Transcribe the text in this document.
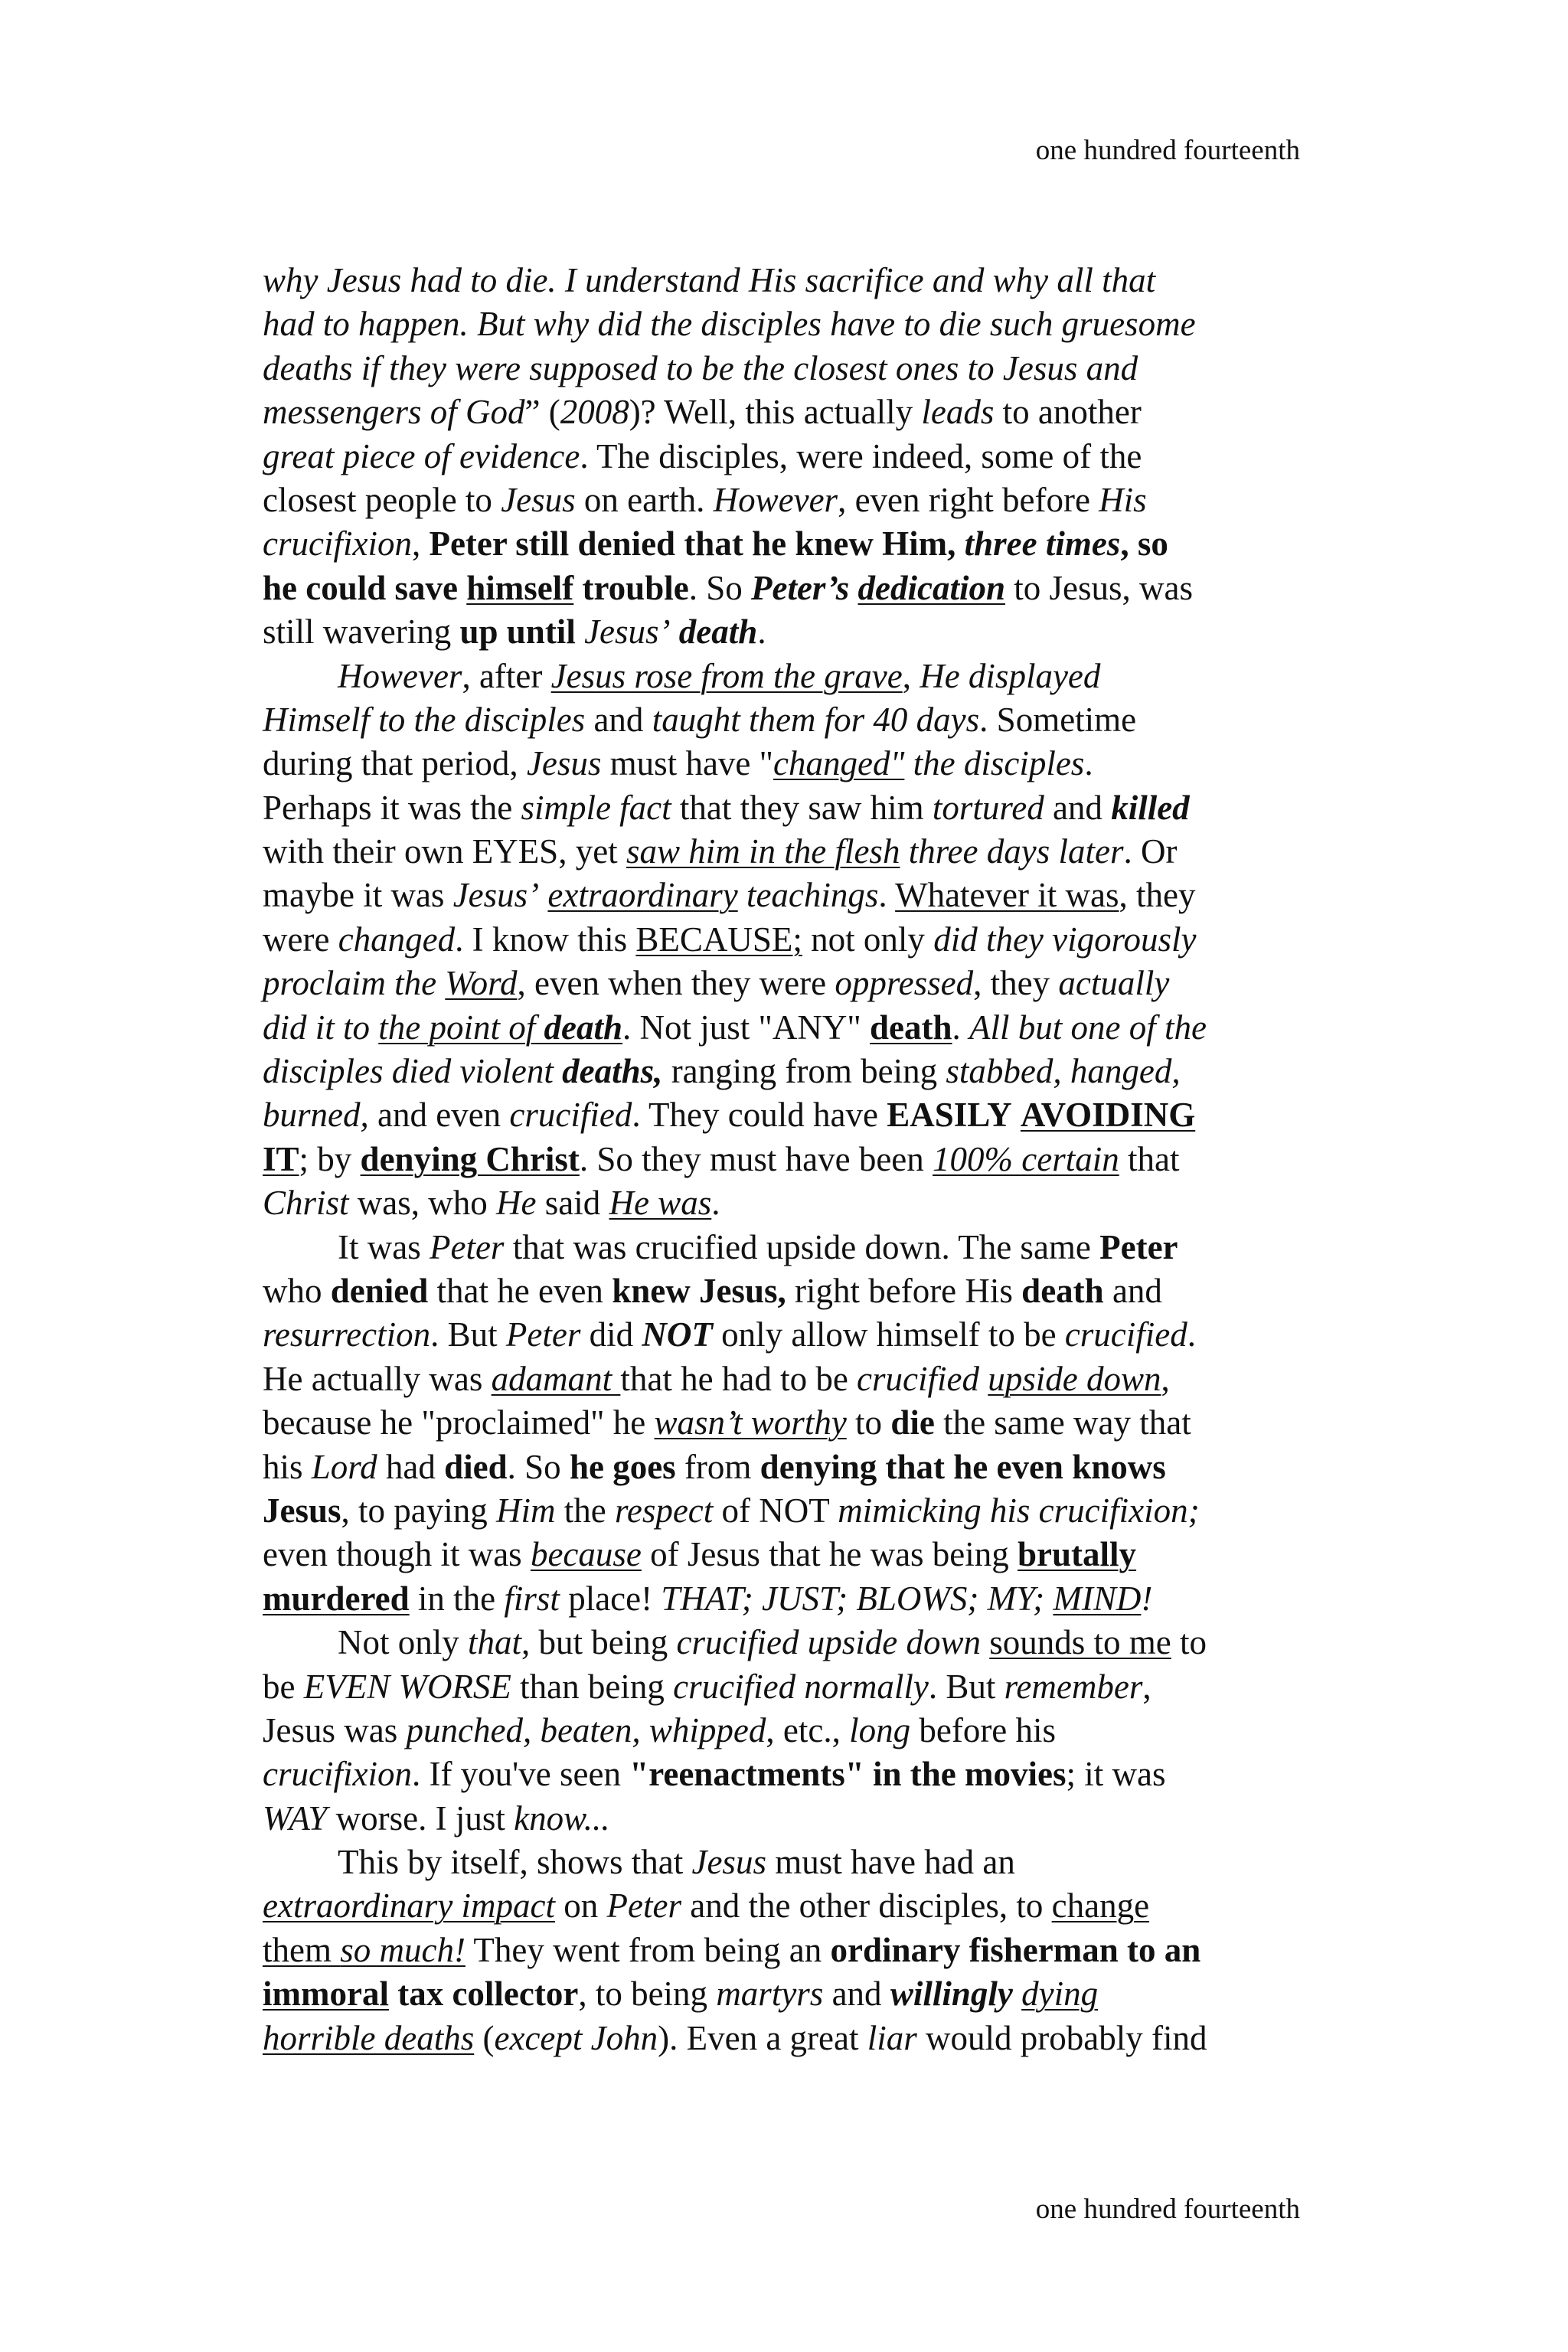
one hundred fourteenth
why Jesus had to die. I understand His sacrifice and why all that
had to happen. But why did the disciples have to die such gruesome
deaths if they were supposed to be the closest ones to Jesus and
messengers of God” (2008)? Well, this actually leads to another
great piece of evidence. The disciples, were indeed, some of the
closest people to Jesus on earth. However, even right before His
crucifixion, Peter still denied that he knew Him, three times, so
he could save himself trouble. So Peter’s dedication to Jesus, was
still wavering up until Jesus’ death.
However, after Jesus rose from the grave, He displayed
Himself to the disciples and taught them for 40 days. Sometime
during that period, Jesus must have "changed" the disciples.
Perhaps it was the simple fact that they saw him tortured and killed
with their own EYES, yet saw him in the flesh three days later. Or
maybe it was Jesus’ extraordinary teachings. Whatever it was, they
were changed. I know this BECAUSE; not only did they vigorously
proclaim the Word, even when they were oppressed, they actually
did it to the point of death. Not just "ANY" death. All but one of the
disciples died violent deaths, ranging from being stabbed, hanged,
burned, and even crucified. They could have EASILY AVOIDING
IT; by denying Christ. So they must have been 100% certain that
Christ was, who He said He was.
It was Peter that was crucified upside down. The same Peter
who denied that he even knew Jesus, right before His death and
resurrection. But Peter did NOT only allow himself to be crucified.
He actually was adamant that he had to be crucified upside down,
because he "proclaimed" he wasn’t worthy to die the same way that
his Lord had died. So he goes from denying that he even knows
Jesus, to paying Him the respect of NOT mimicking his crucifixion;
even though it was because of Jesus that he was being brutally
murdered in the first place! THAT; JUST; BLOWS; MY; MIND!
Not only that, but being crucified upside down sounds to me to
be EVEN WORSE than being crucified normally. But remember,
Jesus was punched, beaten, whipped, etc., long before his
crucifixion. If you've seen "reenactments" in the movies; it was
WAY worse. I just know...
This by itself, shows that Jesus must have had an
extraordinary impact on Peter and the other disciples, to change
them so much! They went from being an ordinary fisherman to an
immoral tax collector, to being martyrs and willingly dying
horrible deaths (except John). Even a great liar would probably find
one hundred fourteenth
